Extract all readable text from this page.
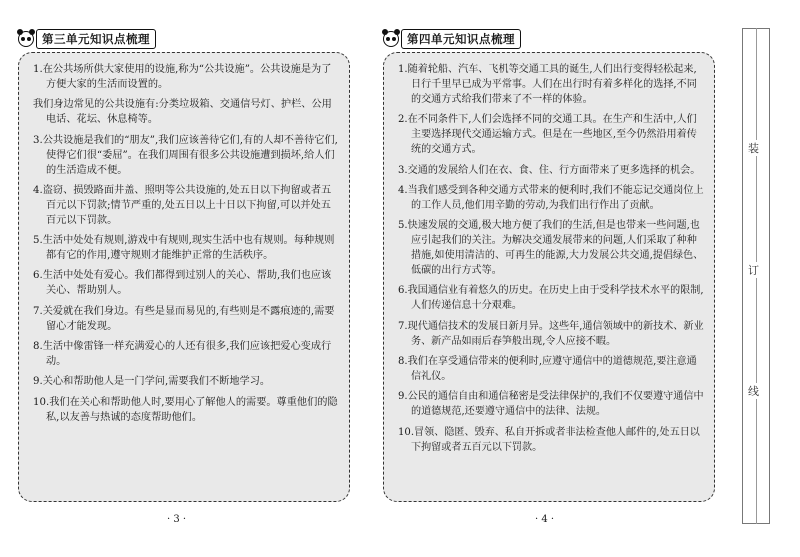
第三单元知识点梳理
1.在公共场所供大家使用的设施,称为“公共设施”。公共设施是为了方便大家的生活而设置的。
我们身边常见的公共设施有:分类垃圾箱、交通信号灯、护栏、公用电话、花坛、休息椅等。
3.公共设施是我们的“朋友”,我们应该善待它们,有的人却不善待它们,使得它们很“委屈”。在我们周围有很多公共设施遭到损坏,给人们的生活造成不便。
4.盗窃、损毁路面井盖、照明等公共设施的,处五日以下拘留或者五百元以下罚款;情节严重的,处五日以上十日以下拘留,可以并处五百元以下罚款。
5.生活中处处有规则,游戏中有规则,现实生活中也有规则。每种规则都有它的作用,遵守规则才能维护正常的生活秩序。
6.生活中处处有爱心。我们都得到过别人的关心、帮助,我们也应该关心、帮助别人。
7.关爱就在我们身边。有些是显而易见的,有些则是不露痕迹的,需要留心才能发现。
8.生活中像雷锋一样充满爱心的人还有很多,我们应该把爱心变成行动。
9.关心和帮助他人是一门学问,需要我们不断地学习。
10.我们在关心和帮助他人时,要用心了解他人的需要。尊重他们的隐私,以友善与热诚的态度帮助他们。
第四单元知识点梳理
1.随着轮船、汽车、飞机等交通工具的诞生,人们出行变得轻松起来,日行千里早已成为平常事。人们在出行时有着多样化的选择,不同的交通方式给我们带来了不一样的体验。
2.在不同条件下,人们会选择不同的交通工具。在生产和生活中,人们主要选择现代交通运输方式。但是在一些地区,至今仍然沿用着传统的交通方式。
3.交通的发展给人们在衣、食、住、行方面带来了更多选择的机会。
4.当我们感受到各种交通方式带来的便利时,我们不能忘记交通岗位上的工作人员,他们用辛勤的劳动,为我们出行作出了贡献。
5.快速发展的交通,极大地方便了我们的生活,但是也带来一些问题,也应引起我们的关注。为解决交通发展带来的问题,人们采取了种种措施,如使用清洁的、可再生的能源,大力发展公共交通,提倡绿色、低碳的出行方式等。
6.我国通信业有着悠久的历史。在历史上由于受科学技术水平的限制,人们传递信息十分艰难。
7.现代通信技术的发展日新月异。这些年,通信领域中的新技术、新业务、新产品如雨后春笋般出现,令人应接不暇。
8.我们在享受通信带来的便利时,应遵守通信中的道德规范,要注意通信礼仪。
9.公民的通信自由和通信秘密是受法律保护的,我们不仅要遵守通信中的道德规范,还要遵守通信中的法律、法规。
10.冒领、隐匿、毁弃、私自开拆或者非法检查他人邮件的,处五日以下拘留或者五百元以下罚款。
· 3 ·	· 4 ·
装
订
线
